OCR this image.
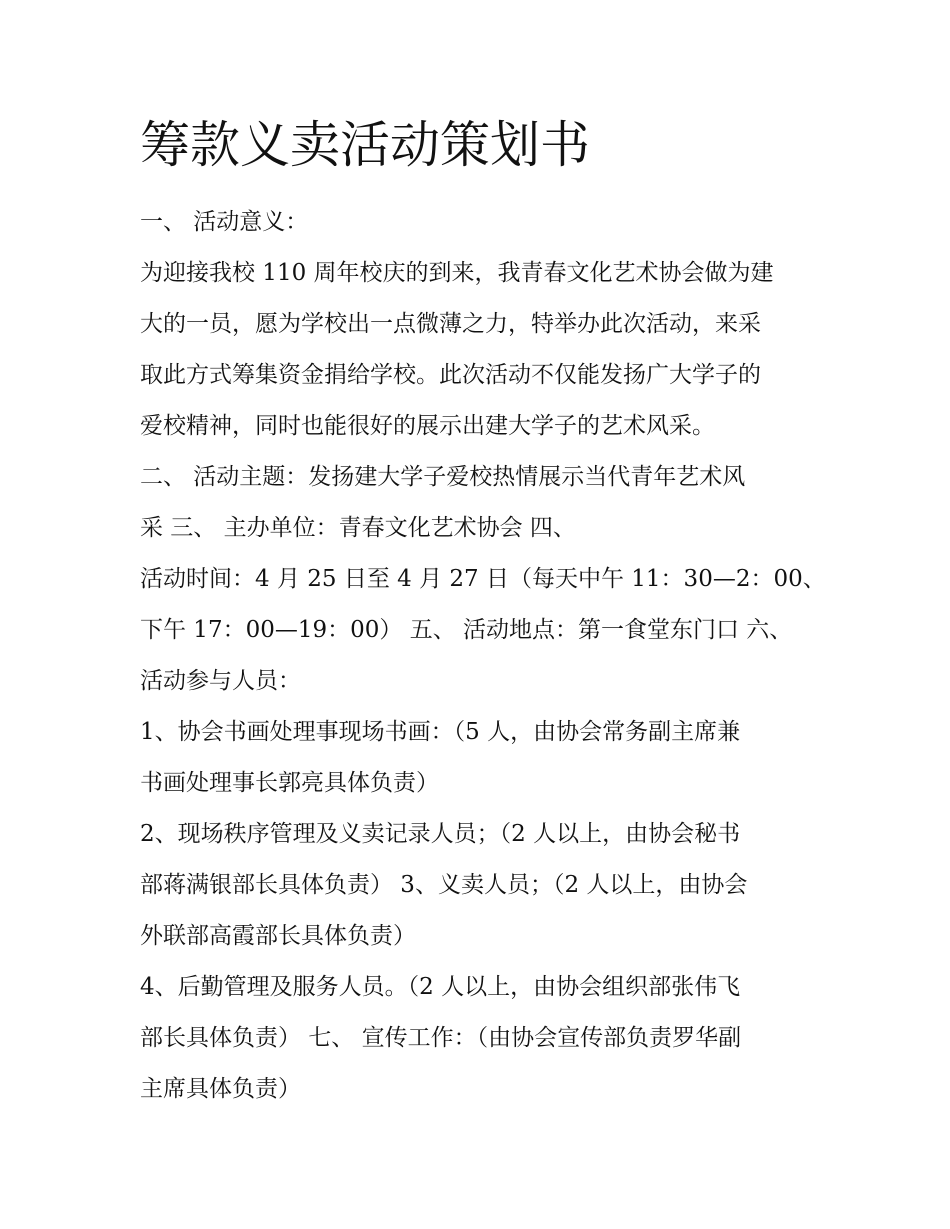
筹款义卖活动策划书

一、 活动意义：

为迎接我校 110 周年校庆的到来，我青春文化艺术协会做为建

大的一员，愿为学校出一点微薄之力，特举办此次活动，来采

取此方式筹集资金捐给学校。此次活动不仅能发扬广大学子的

爱校精神，同时也能很好的展示出建大学子的艺术风采。

二、 活动主题：发扬建大学子爱校热情展示当代青年艺术风

采 三、 主办单位：青春文化艺术协会 四、

活动时间：4 月 25 日至 4 月 27 日（每天中午 11：30—2：00、

下午 17：00—19：00） 五、 活动地点：第一食堂东门口 六、

活动参与人员：

1、协会书画处理事现场书画：（5 人，由协会常务副主席兼

书画处理事长郭亮具体负责）

2、现场秩序管理及义卖记录人员；（2 人以上，由协会秘书

部蒋满银部长具体负责） 3、义卖人员；（2 人以上，由协会

外联部高霞部长具体负责）

4、后勤管理及服务人员。（2 人以上，由协会组织部张伟飞

部长具体负责） 七、 宣传工作：（由协会宣传部负责罗华副

主席具体负责）
